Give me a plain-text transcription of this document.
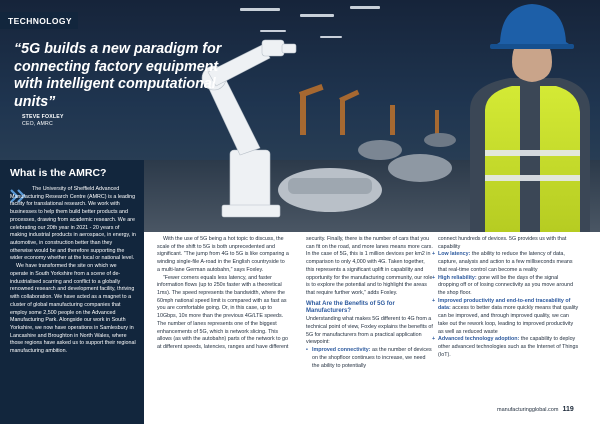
TECHNOLOGY
“5G builds a new paradigm for connecting factory equipment with intelligent computational units”
STEVE FOXLEY
CEO, AMRC
What is the AMRC?

The University of Sheffield Advanced Manufacturing Research Centre (AMRC) is a leading facility for translational research. We work with businesses to help them build better products and processes, drawing from academic research. We are celebrating our 20th year in 2021 - 20 years of making industrial products in aerospace, in energy, in automotive, in construction better than they otherwise would be and therefore supporting the wider economy whether at the local or national level.

We have transformed the site on which we operate in South Yorkshire from a scene of de-industrialised scarring and conflict to a globally renowned research and development facility, thriving with collaboration. We have acted as a magnet to a cluster of global manufacturing companies that employ some 2,500 people on the Advanced Manufacturing Park. Alongside our work in South Yorkshire, we now have operations in Samlesbury in Lancashire and Broughton in North Wales, where those regions have asked us to support their regional manufacturing ambition.

With the use of 5G being a hot topic to discuss, the scale of the shift to 5G is both unprecedented and significant. “The jump from 4G to 5G is like comparing a winding single-file A-road in the English countryside to a multi-lane German autobahn,” says Foxley.

“Fewer corners equals less latency, and faster information flows (up to 250x faster with a theoretical 1ms). The speed represents the bandwidth, where the 60mph national speed limit is compared with as fast as you are comfortable going. Or, in this case, up to 10Gbps, 10x more than the previous 4G/LTE speeds. The number of lanes represents one of the biggest enhancements of 5G, which is network slicing. This allows (as with the autobahn) parts of the network to go at different speeds, latencies, ranges and have different

security. Finally, there is the number of cars that you can fit on the road, and more lanes means more cars. In the case of 5G, this is 1 million devices per km2 in comparison to only 4,000 with 4G. Taken together, this represents a significant uplift in capability and opportunity for the manufacturing community, our role is to explore the potential and to highlight the areas that require further work,” adds Foxley.

What Are the Benefits of 5G for Manufacturers?

Understanding what makes 5G different to 4G from a technical point of view, Foxley explains the benefits of 5G for manufacturers from a practical application viewpoint:

• Improved connectivity: as the number of devices on the shopfloor continues to increase, we need the ability to potentially
connect hundreds of devices. 5G provides us with that capability
+ Low latency: the ability to reduce the latency of data, capture, analysis and action to a few milliseconds means that real-time control can become a reality
+ High reliability: gone will be the days of the signal dropping off or of losing connectivity as you move around the shop floor.
+ Improved productivity and end-to-end traceability of data: access to better data more quickly means that quality can be improved, and through improved quality, we can take out the rework loop, leading to improved productivity as well as reduced waste
+ Advanced technology adoption: the capability to deploy other advanced technologies such as the Internet of Things (IoT).
manufacturingglobal.com 119
